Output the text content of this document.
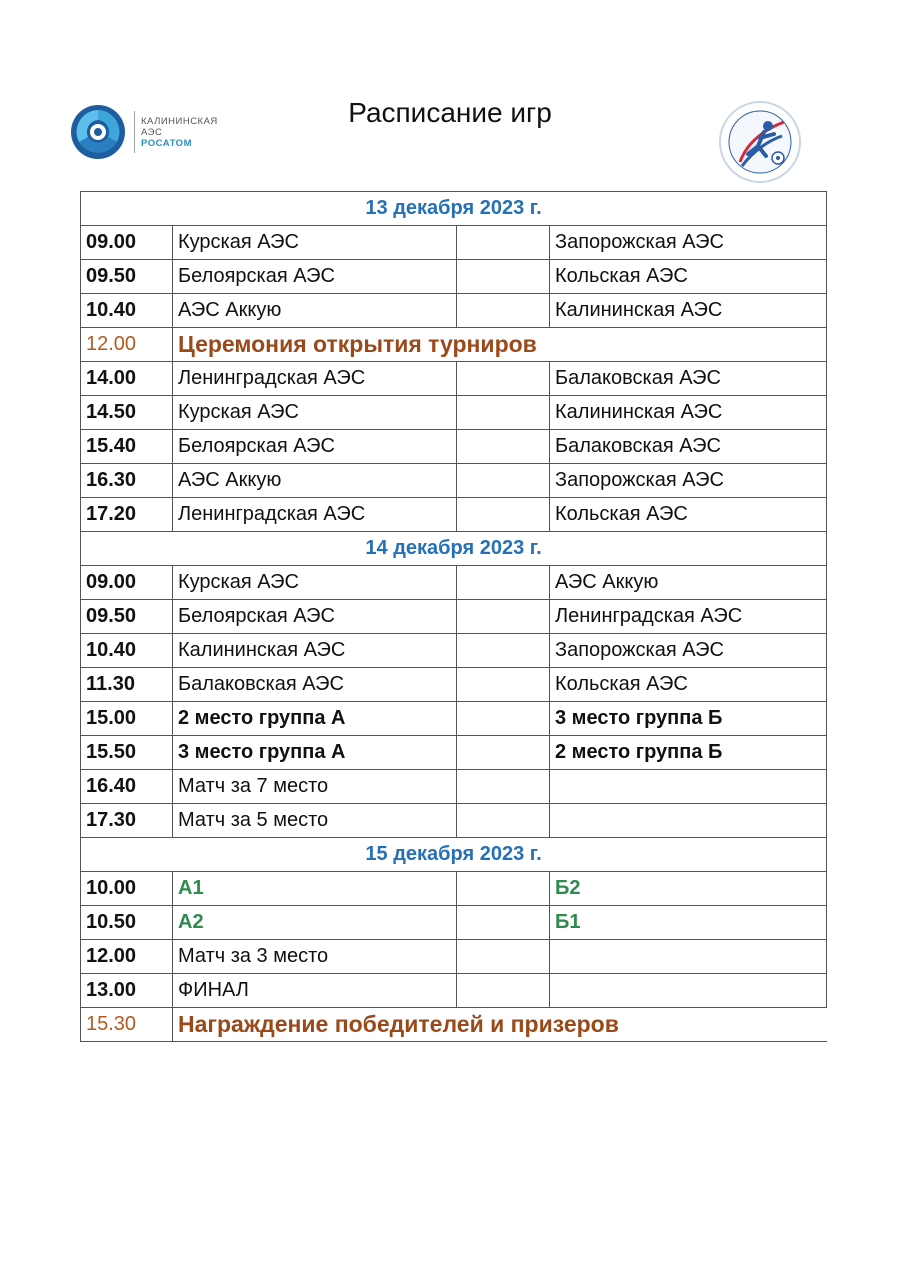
КАЛИНИНСКАЯ
АЭС
РОСАТОМ
Расписание игр
13 декабря 2023 г.			
09.00	Курская АЭС		Запорожская АЭС
09.50	Белоярская АЭС		Кольская АЭС
10.40	АЭС Аккую		Калининская АЭС
12.00	Церемония открытия турниров		
14.00	Ленинградская АЭС		Балаковская АЭС
14.50	Курская АЭС		Калининская АЭС
15.40	Белоярская АЭС		Балаковская АЭС
16.30	АЭС Аккую		Запорожская АЭС
17.20	Ленинградская АЭС		Кольская АЭС
14 декабря 2023 г.			
09.00	Курская АЭС		АЭС Аккую
09.50	Белоярская АЭС		Ленинградская АЭС
10.40	Калининская АЭС		Запорожская АЭС
11.30	Балаковская АЭС		Кольская АЭС
15.00	2 место группа А		3 место группа Б
15.50	3 место группа А		2 место группа Б
16.40	Матч за 7 место		
17.30	Матч за 5 место		
15 декабря 2023 г.			
10.00	А1		Б2
10.50	А2		Б1
12.00	Матч за 3 место		
13.00	ФИНАЛ		
15.30	Награждение победителей и призеров		
